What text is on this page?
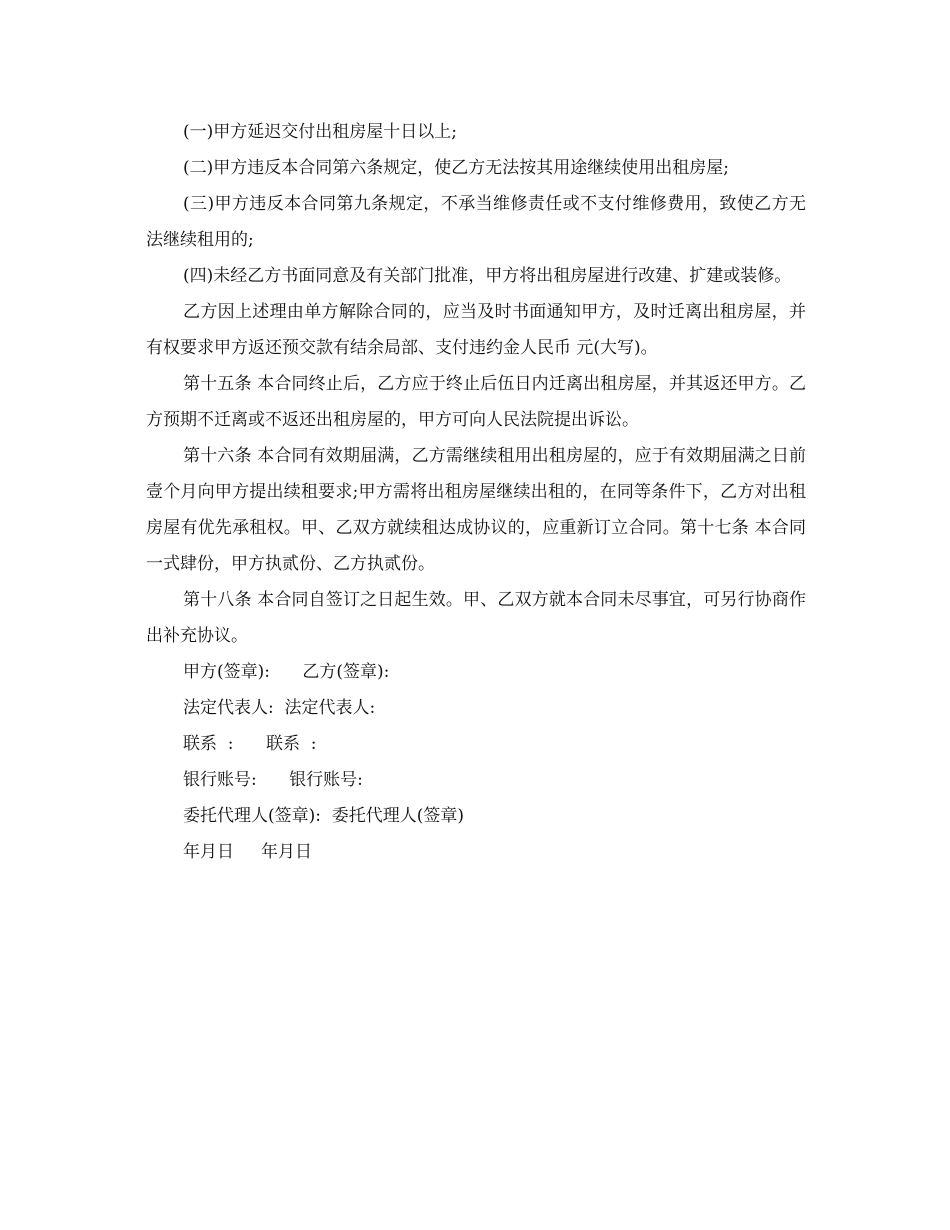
(一)甲方延迟交付出租房屋十日以上;

(二)甲方违反本合同第六条规定，使乙方无法按其用途继续使用出租房屋;

(三)甲方违反本合同第九条规定，不承当维修责任或不支付维修费用，致使乙方无法继续租用的;

(四)未经乙方书面同意及有关部门批准，甲方将出租房屋进行改建、扩建或装修。

乙方因上述理由单方解除合同的，应当及时书面通知甲方，及时迁离出租房屋，并有权要求甲方返还预交款有结余局部、支付违约金人民币 元(大写)。

第十五条 本合同终止后，乙方应于终止后伍日内迁离出租房屋，并其返还甲方。乙方预期不迁离或不返还出租房屋的，甲方可向人民法院提出诉讼。

第十六条 本合同有效期届满，乙方需继续租用出租房屋的，应于有效期届满之日前壹个月向甲方提出续租要求;甲方需将出租房屋继续出租的，在同等条件下，乙方对出租房屋有优先承租权。甲、乙双方就续租达成协议的，应重新订立合同。第十七条 本合同一式肆份，甲方执贰份、乙方执贰份。

第十八条 本合同自签订之日起生效。甲、乙双方就本合同未尽事宜，可另行协商作出补充协议。

甲方(签章):      乙方(签章):

法定代表人:  法定代表人:

联系  :      联系  :

银行账号:      银行账号:

委托代理人(签章):  委托代理人(签章)

年月日     年月日
